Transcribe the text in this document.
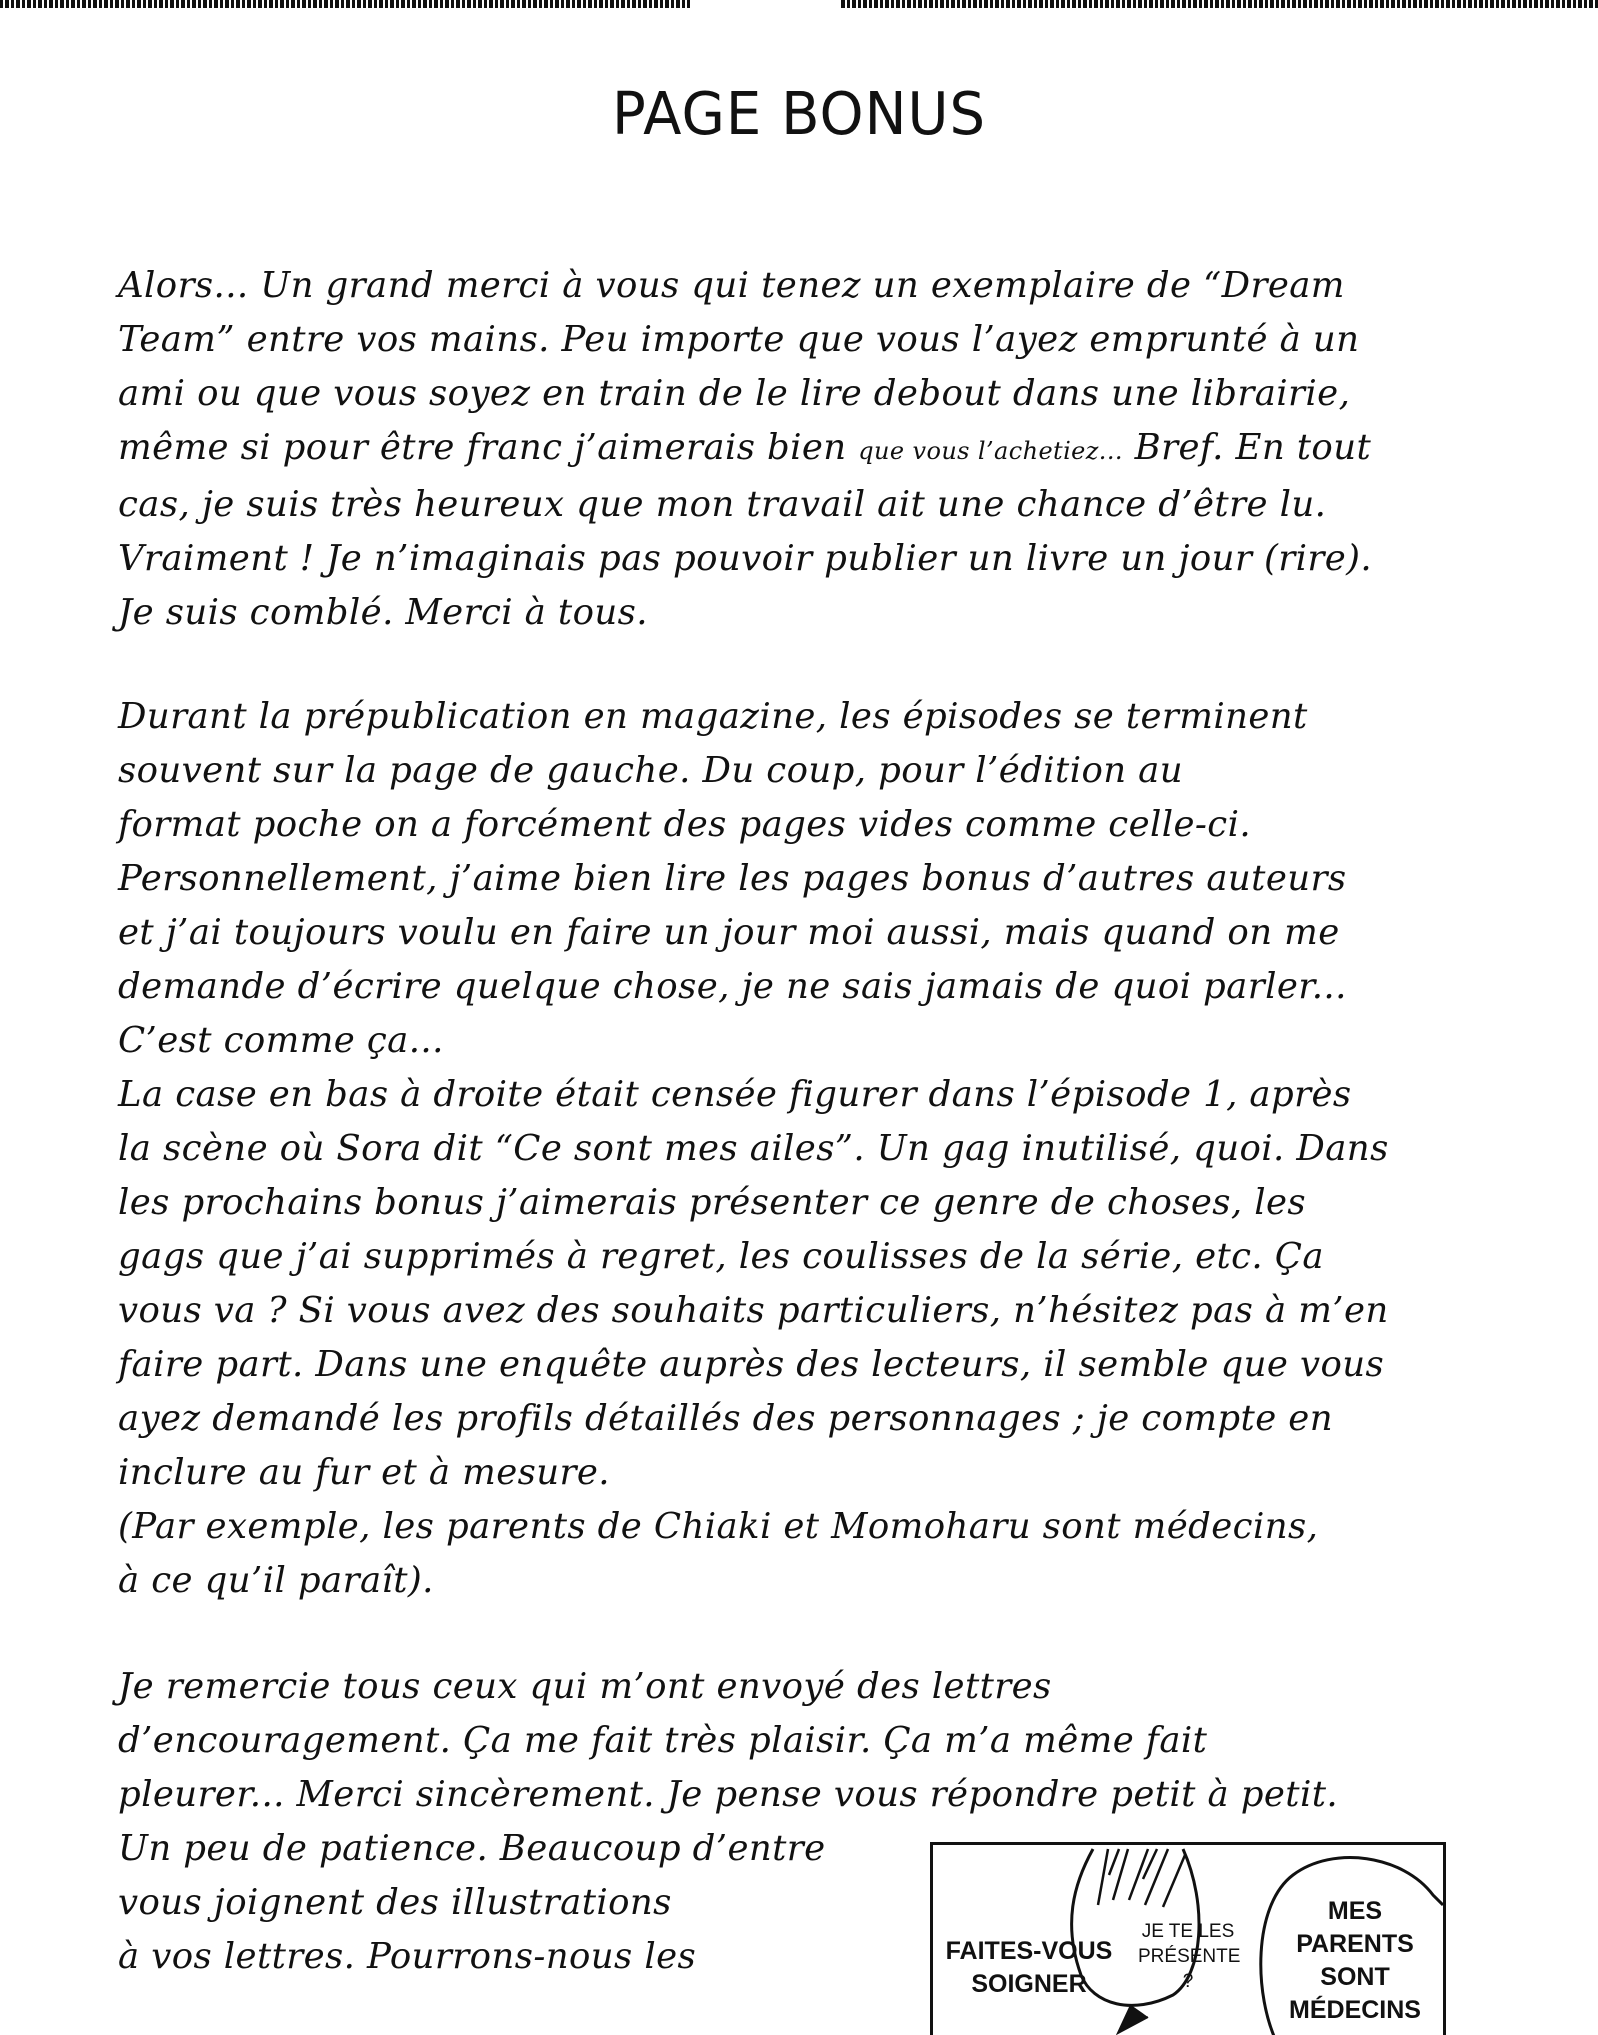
PAGE BONUS
Alors... Un grand merci à vous qui tenez un exemplaire de “Dream
Team” entre vos mains. Peu importe que vous l’ayez emprunté à un
ami ou que vous soyez en train de le lire debout dans une librairie,
même si pour être franc j’aimerais bien que vous l’achetiez... Bref. En tout
cas, je suis très heureux que mon travail ait une chance d’être lu.
Vraiment ! Je n’imaginais pas pouvoir publier un livre un jour (rire).
Je suis comblé. Merci à tous.
Durant la prépublication en magazine, les épisodes se terminent
souvent sur la page de gauche. Du coup, pour l’édition au
format poche on a forcément des pages vides comme celle-ci.
Personnellement, j’aime bien lire les pages bonus d’autres auteurs
et j’ai toujours voulu en faire un jour moi aussi, mais quand on me
demande d’écrire quelque chose, je ne sais jamais de quoi parler...
C’est comme ça...
La case en bas à droite était censée figurer dans l’épisode 1, après
la scène où Sora dit “Ce sont mes ailes”. Un gag inutilisé, quoi. Dans
les prochains bonus j’aimerais présenter ce genre de choses, les
gags que j’ai supprimés à regret, les coulisses de la série, etc. Ça
vous va ? Si vous avez des souhaits particuliers, n’hésitez pas à m’en
faire part. Dans une enquête auprès des lecteurs, il semble que vous
ayez demandé les profils détaillés des personnages ; je compte en
inclure au fur et à mesure.
(Par exemple, les parents de Chiaki et Momoharu sont médecins,
à ce qu’il paraît).
Je remercie tous ceux qui m’ont envoyé des lettres
d’encouragement. Ça me fait très plaisir. Ça m’a même fait
pleurer... Merci sincèrement. Je pense vous répondre petit à petit.
Un peu de patience. Beaucoup d’entre
vous joignent des illustrations
à vos lettres. Pourrons-nous les	FAITES-VOUS SOIGNER
JE TE LES PRÉSENTE ?
MES PARENTS SONT MÉDECINS
